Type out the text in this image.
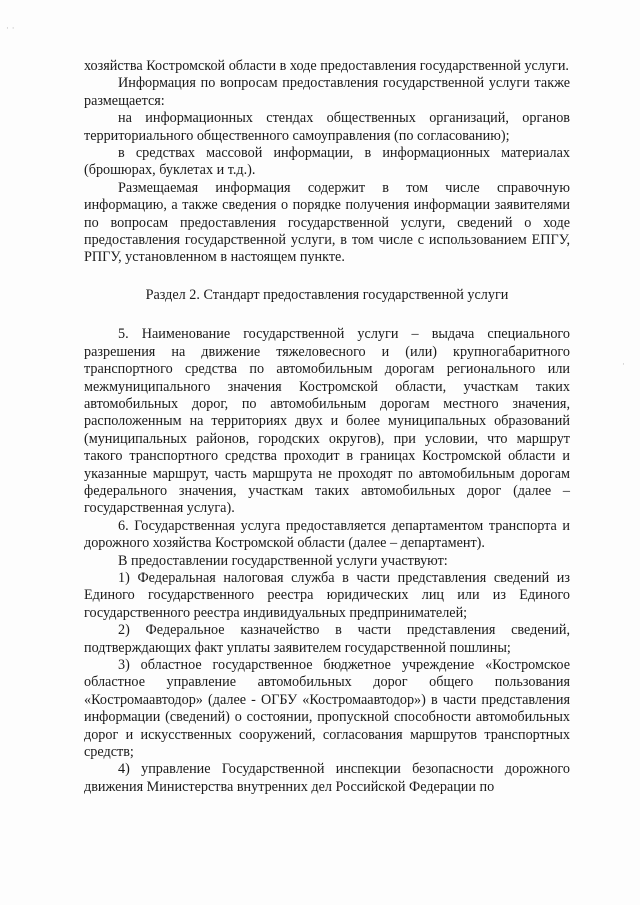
хозяйства Костромской области в ходе предоставления государственной услуги.

Информация по вопросам предоставления государственной услуги также размещается:

на информационных стендах общественных организаций, органов территориального общественного самоуправления (по согласованию);

в средствах массовой информации, в информационных материалах (брошюрах, буклетах и т.д.).

Размещаемая информация содержит в том числе справочную информацию, а также сведения о порядке получения информации заявителями по вопросам предоставления государственной услуги, сведений о ходе предоставления государственной услуги, в том числе с использованием ЕПГУ, РПГУ, установленном в настоящем пункте.

Раздел 2. Стандарт предоставления государственной услуги

5. Наименование государственной услуги – выдача специального разрешения на движение тяжеловесного и (или) крупногабаритного транспортного средства по автомобильным дорогам регионального или межмуниципального значения Костромской области, участкам таких автомобильных дорог, по автомобильным дорогам местного значения, расположенным на территориях двух и более муниципальных образований (муниципальных районов, городских округов), при условии, что маршрут такого транспортного средства проходит в границах Костромской области и указанные маршрут, часть маршрута не проходят по автомобильным дорогам федерального значения, участкам таких автомобильных дорог (далее – государственная услуга).

6. Государственная услуга предоставляется департаментом транспорта и дорожного хозяйства Костромской области (далее – департамент).

В предоставлении государственной услуги участвуют:

1) Федеральная налоговая служба в части представления сведений из Единого государственного реестра юридических лиц или из Единого государственного реестра индивидуальных предпринимателей;

2) Федеральное казначейство в части представления сведений, подтверждающих факт уплаты заявителем государственной пошлины;

3) областное государственное бюджетное учреждение «Костромское областное управление автомобильных дорог общего пользования «Костромаавтодор» (далее - ОГБУ «Костромаавтодор») в части представления информации (сведений) о состоянии, пропускной способности автомобильных дорог и искусственных сооружений, согласования маршрутов транспортных средств;

4) управление Государственной инспекции безопасности дорожного движения Министерства внутренних дел Российской Федерации по

· ·
·
